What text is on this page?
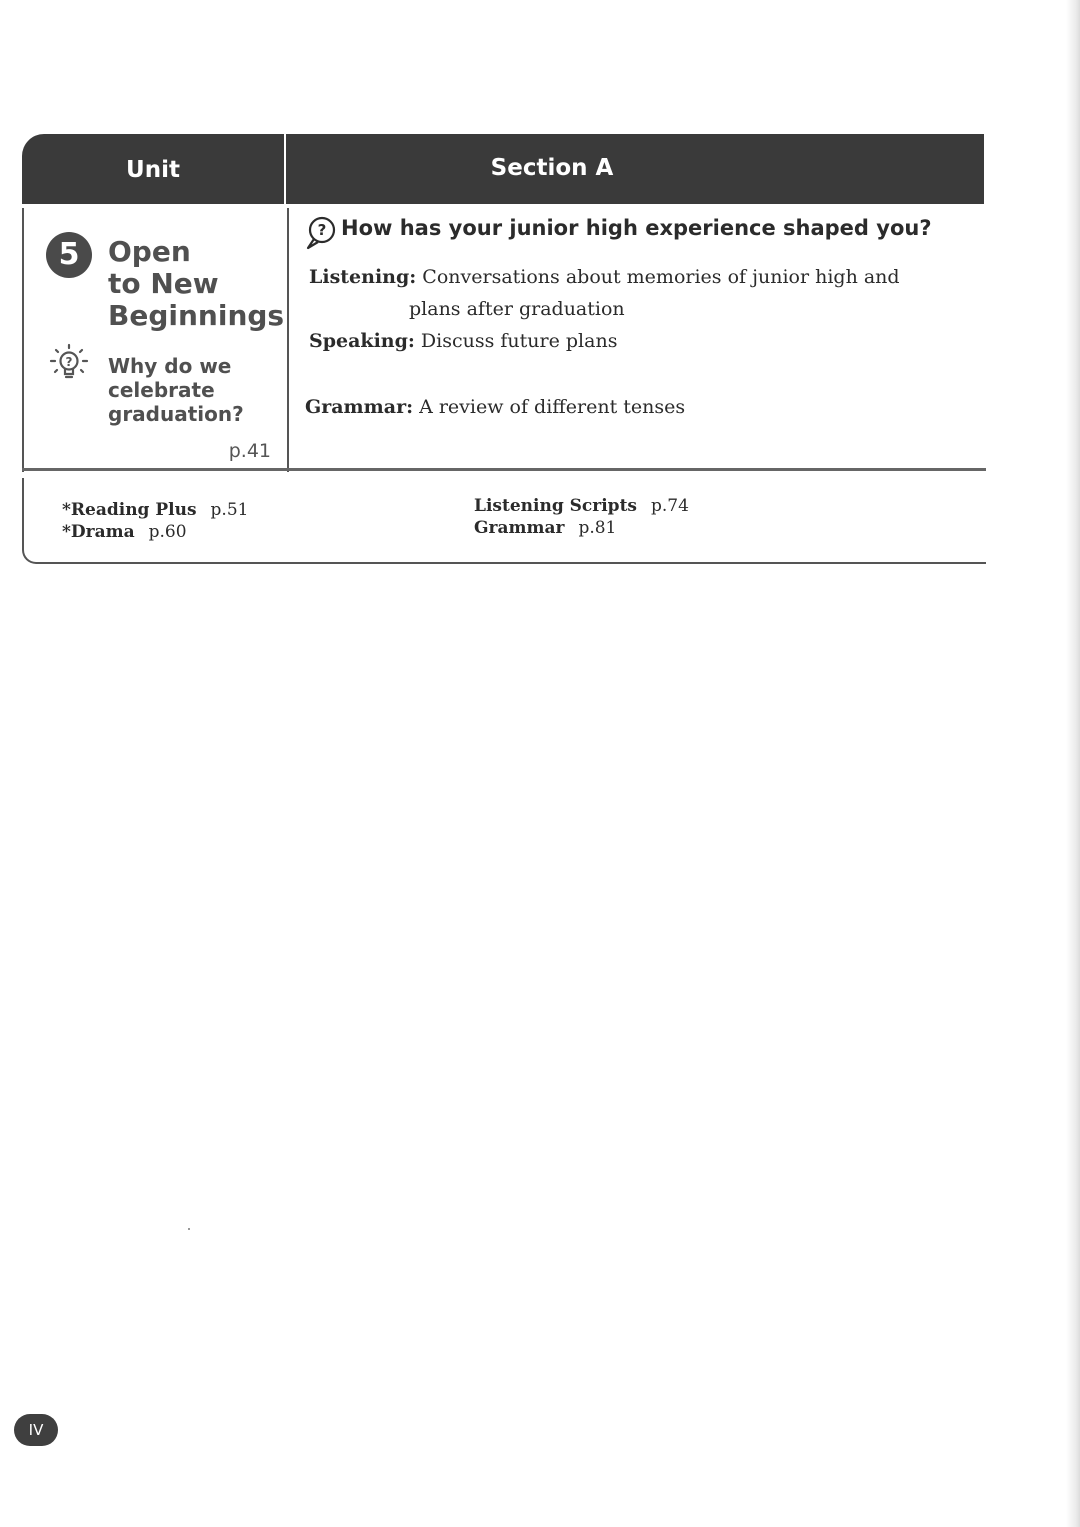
Unit	Section A
5	Open
to New
Beginnings
? Why do we
celebrate
graduation?
p.41
? How has your junior high experience shaped you?
Listening: Conversations about memories of junior high and
plans after graduation
Speaking: Discuss future plans
Grammar: A review of different tenses
*Reading Plus p.51
*Drama p.60
Listening Scripts p.74
Grammar p.81
IV
